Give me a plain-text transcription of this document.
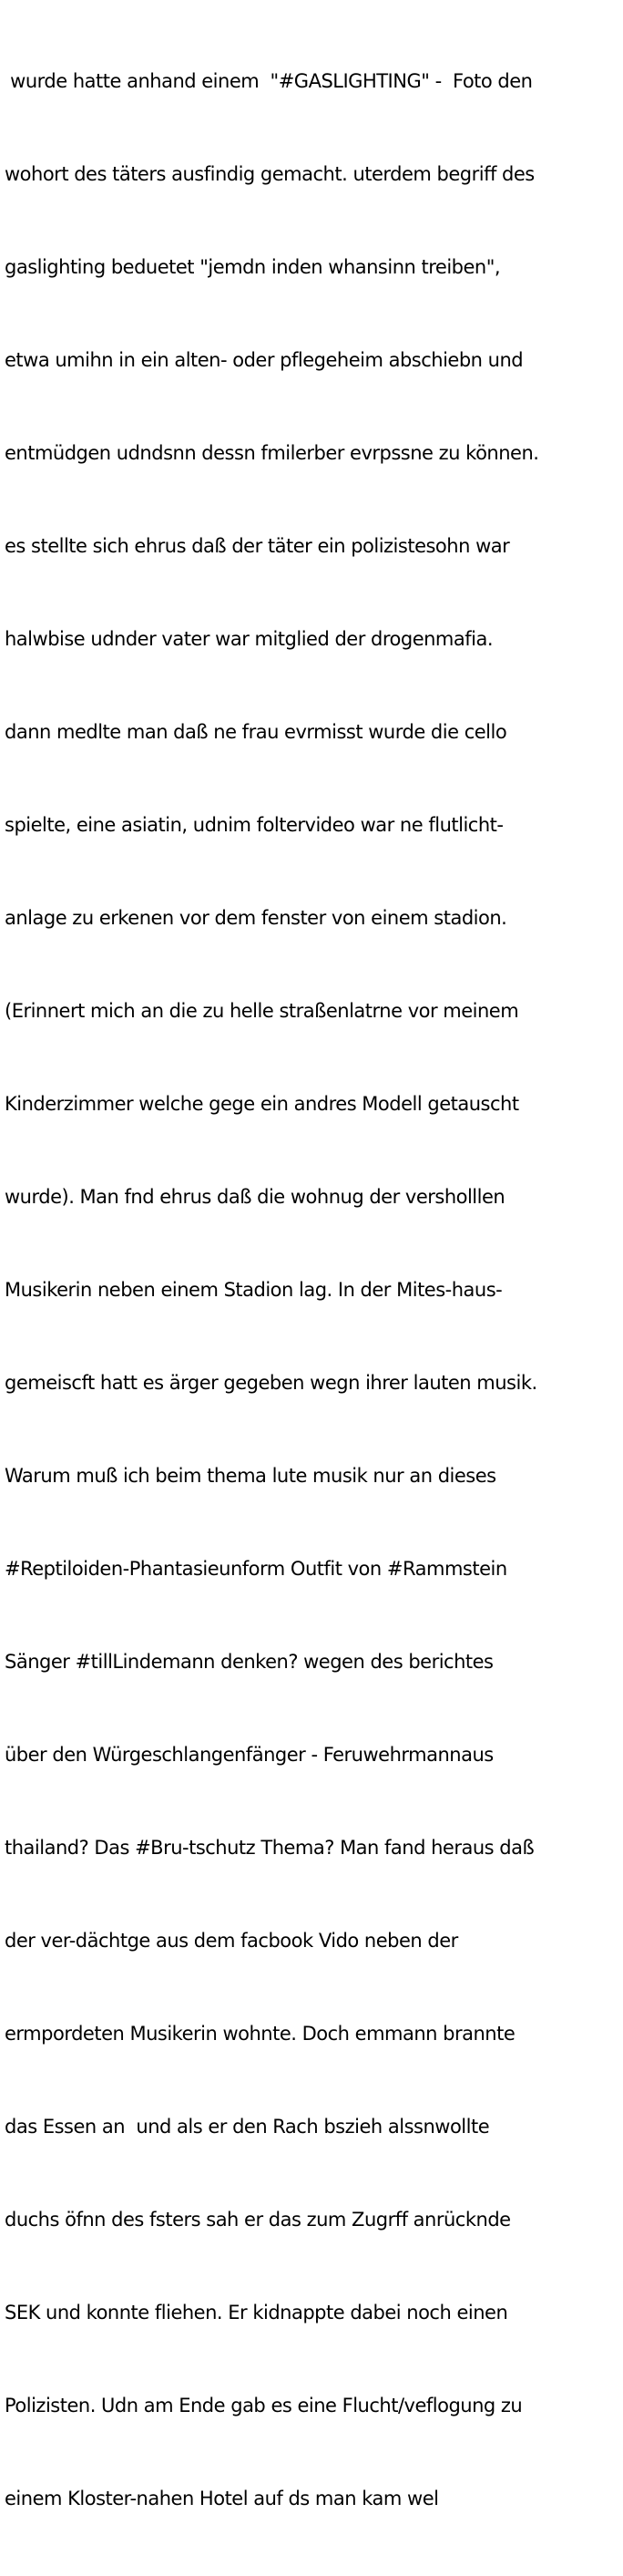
wurde hatte anhand einem  "#GASLIGHTING" -  Foto den

wohort des täters ausfindig gemacht. uterdem begriff des

gaslighting beduetet "jemdn inden whansinn treiben",

etwa umihn in ein alten- oder pflegeheim abschiebn und

entmüdgen udndsnn dessn fmilerber evrpssne zu können.

es stellte sich ehrus daß der täter ein polizistesohn war

halwbise udnder vater war mitglied der drogenmafia.

dann medlte man daß ne frau evrmisst wurde die cello

spielte, eine asiatin, udnim foltervideo war ne flutlicht-

anlage zu erkenen vor dem fenster von einem stadion.

(Erinnert mich an die zu helle straßenlatrne vor meinem

Kinderzimmer welche gege ein andres Modell getauscht

wurde). Man fnd ehrus daß die wohnug der versholllen

Musikerin neben einem Stadion lag. In der Mites-haus-

gemeiscft hatt es ärger gegeben wegn ihrer lauten musik.

Warum muß ich beim thema lute musik nur an dieses

#Reptiloiden-Phantasieunform Outfit von #Rammstein

Sänger #tillLindemann denken? wegen des berichtes

über den Würgeschlangenfänger - Feruwehrmannaus

thailand? Das #Bru-tschutz Thema? Man fand heraus daß

der ver-dächtge aus dem facbook Vido neben der

ermpordeten Musikerin wohnte. Doch emmann brannte

das Essen an  und als er den Rach bszieh alssnwollte

duchs öfnn des fsters sah er das zum Zugrff anrücknde

SEK und konnte fliehen. Er kidnappte dabei noch einen

Polizisten. Udn am Ende gab es eine Flucht/veflogung zu

einem Kloster-nahen Hotel auf ds man kam wel
